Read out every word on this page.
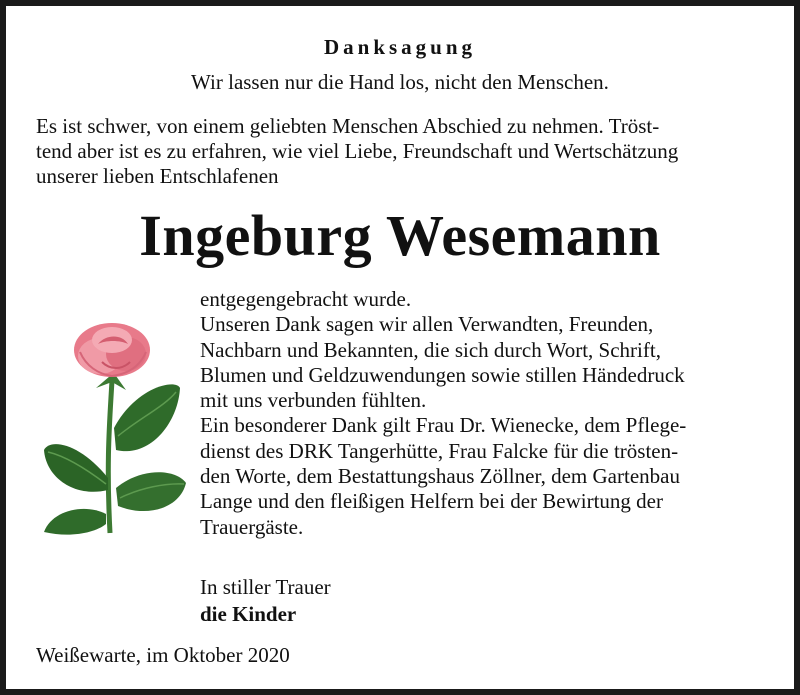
Danksagung
Wir lassen nur die Hand los, nicht den Menschen.

Es ist schwer, von einem geliebten Menschen Abschied zu nehmen. Tröst-

tend aber ist es zu erfahren, wie viel Liebe, Freundschaft und Wertschätzung

unserer lieben Entschlafenen

Ingeburg Wesemann

entgegengebracht wurde.

Unseren Dank sagen wir allen Verwandten, Freunden,

Nachbarn und Bekannten, die sich durch Wort, Schrift,

Blumen und Geldzuwendungen sowie stillen Händedruck

mit uns verbunden fühlten.

Ein besonderer Dank gilt Frau Dr. Wienecke, dem Pflege-

dienst des DRK Tangerhütte, Frau Falcke für die trösten-

den Worte, dem Bestattungshaus Zöllner, dem Gartenbau

Lange und den fleißigen Helfern bei der Bewirtung der

Trauergäste.

In stiller Trauer
die Kinder
Weißewarte, im Oktober 2020
